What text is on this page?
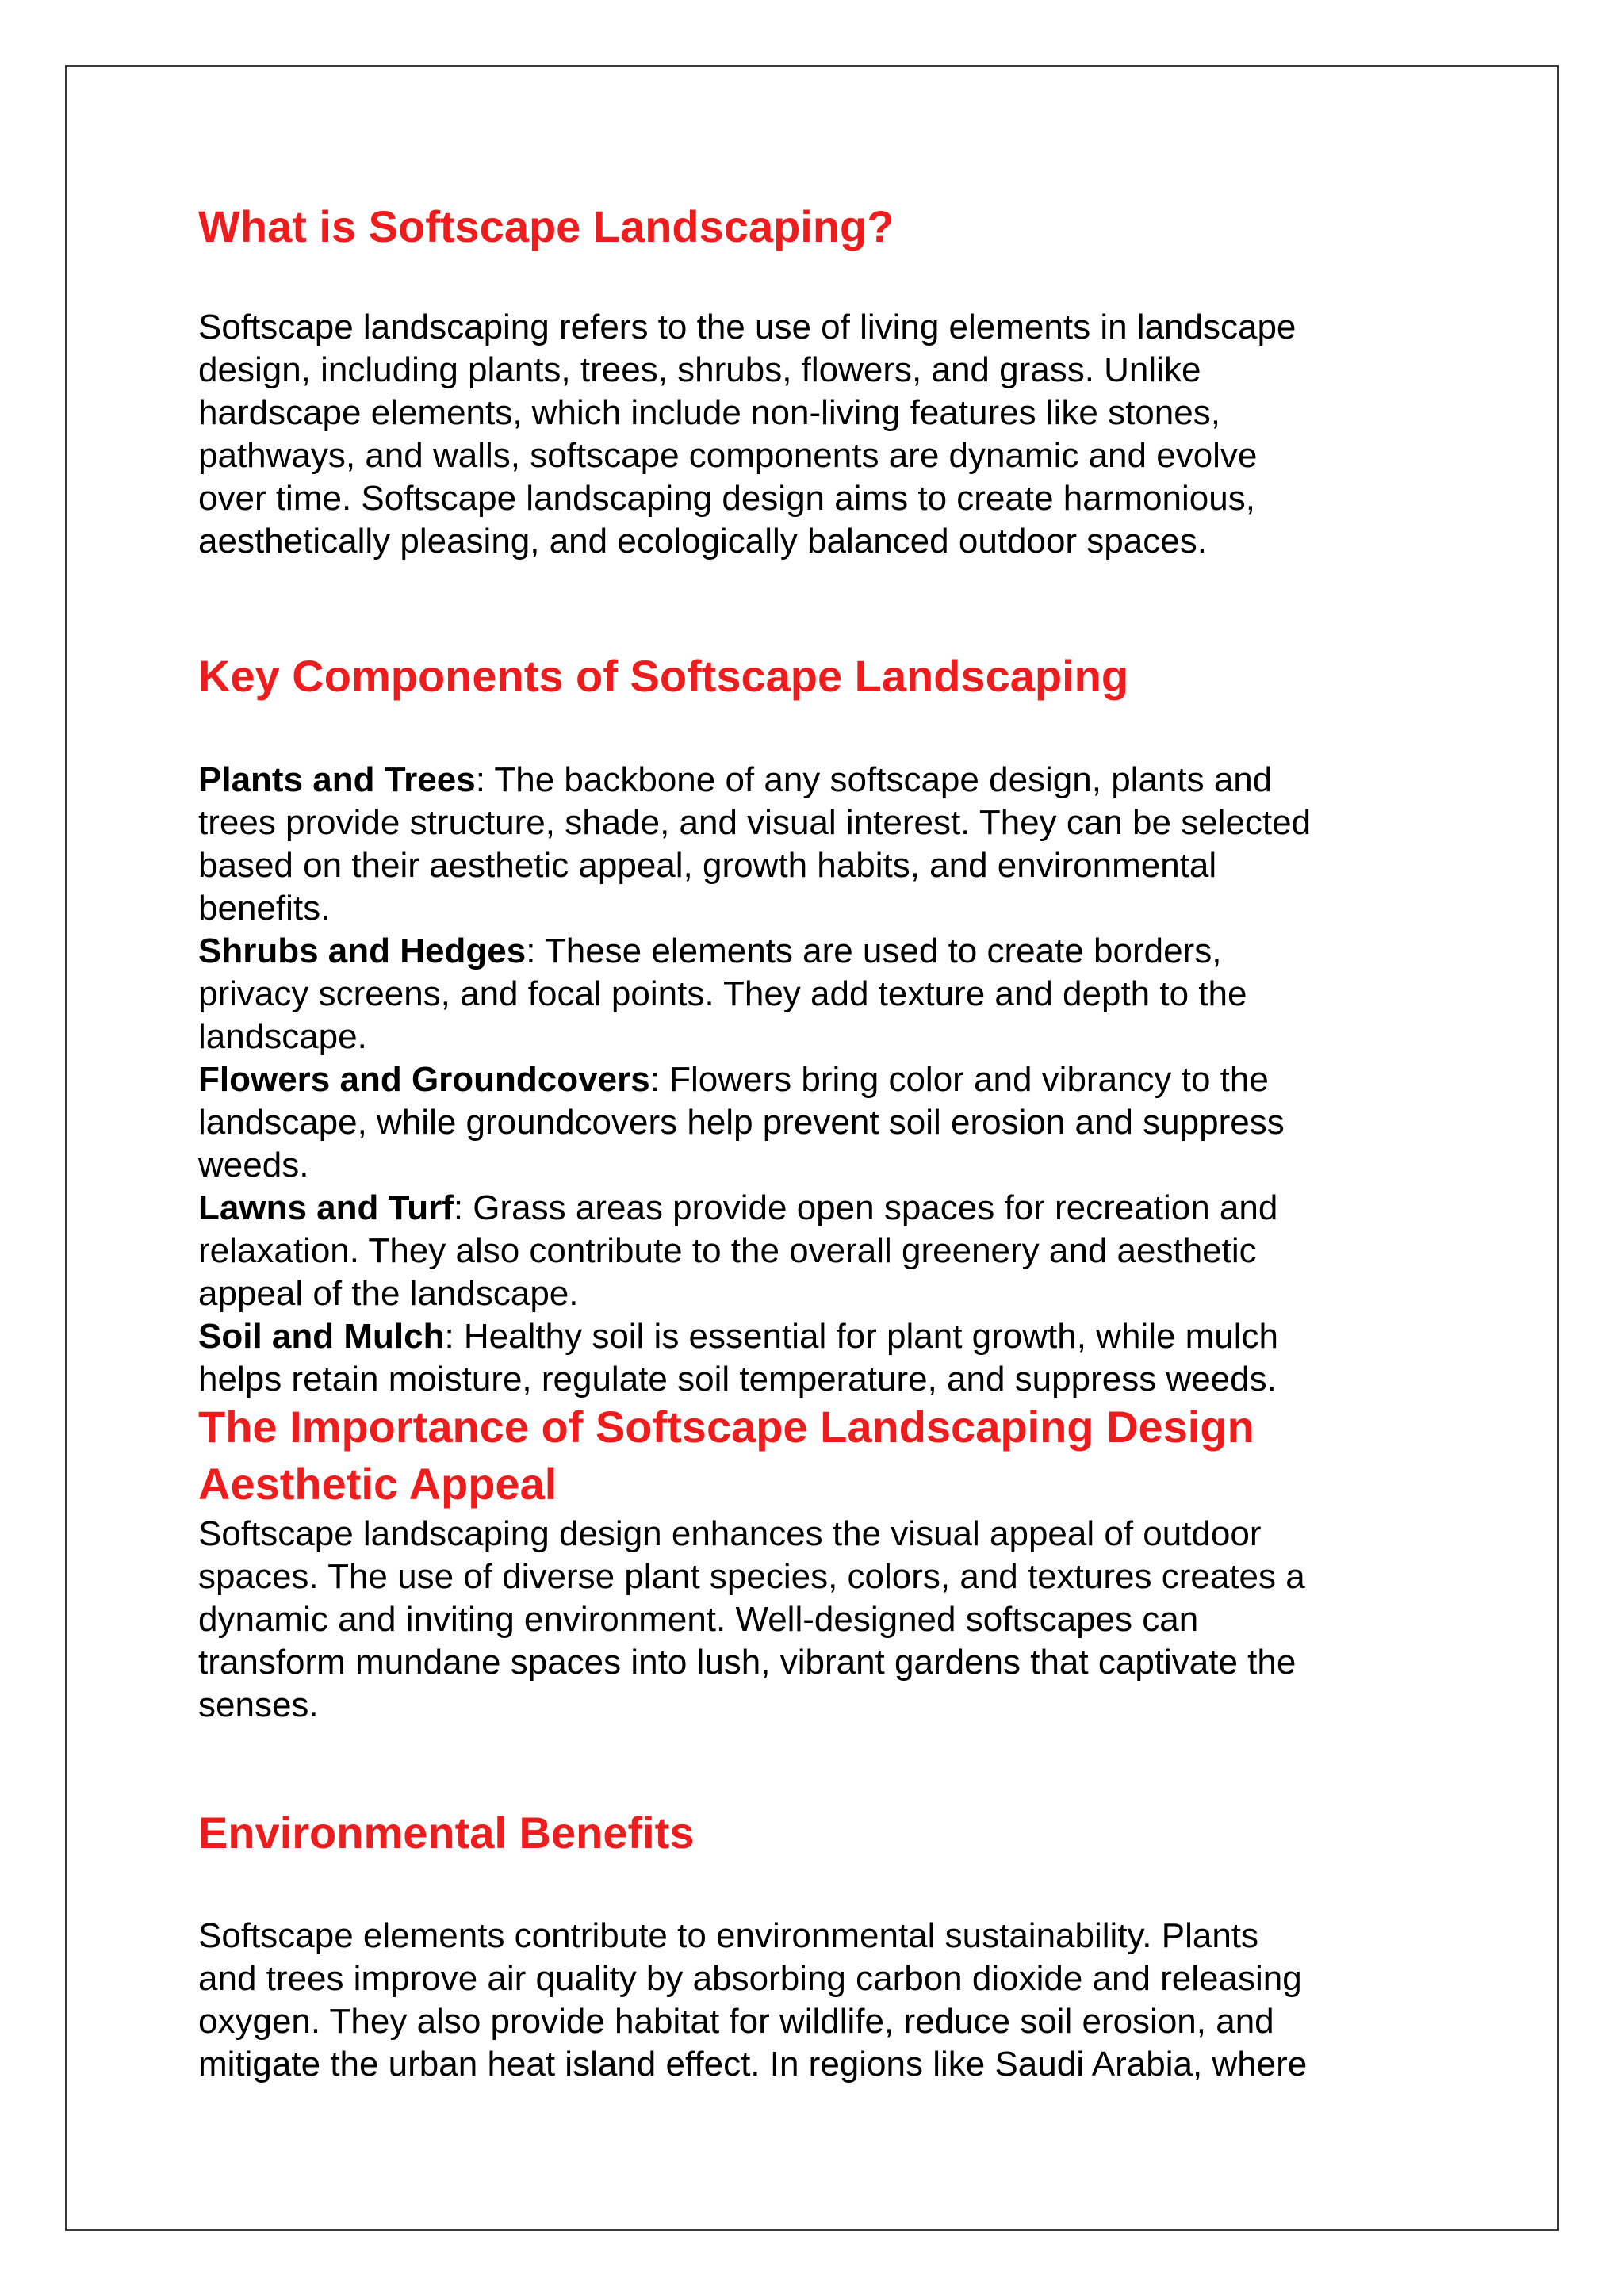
What is Softscape Landscaping?
Softscape landscaping refers to the use of living elements in landscape
design, including plants, trees, shrubs, flowers, and grass. Unlike
hardscape elements, which include non-living features like stones,
pathways, and walls, softscape components are dynamic and evolve
over time. Softscape landscaping design aims to create harmonious,
aesthetically pleasing, and ecologically balanced outdoor spaces.
Key Components of Softscape Landscaping
Plants and Trees: The backbone of any softscape design, plants and
trees provide structure, shade, and visual interest. They can be selected
based on their aesthetic appeal, growth habits, and environmental
benefits.
Shrubs and Hedges: These elements are used to create borders,
privacy screens, and focal points. They add texture and depth to the
landscape.
Flowers and Groundcovers: Flowers bring color and vibrancy to the
landscape, while groundcovers help prevent soil erosion and suppress
weeds.
Lawns and Turf: Grass areas provide open spaces for recreation and
relaxation. They also contribute to the overall greenery and aesthetic
appeal of the landscape.
Soil and Mulch: Healthy soil is essential for plant growth, while mulch
helps retain moisture, regulate soil temperature, and suppress weeds.
The Importance of Softscape Landscaping Design
Aesthetic Appeal
Softscape landscaping design enhances the visual appeal of outdoor
spaces. The use of diverse plant species, colors, and textures creates a
dynamic and inviting environment. Well-designed softscapes can
transform mundane spaces into lush, vibrant gardens that captivate the
senses.
Environmental Benefits
Softscape elements contribute to environmental sustainability. Plants
and trees improve air quality by absorbing carbon dioxide and releasing
oxygen. They also provide habitat for wildlife, reduce soil erosion, and
mitigate the urban heat island effect. In regions like Saudi Arabia, where
